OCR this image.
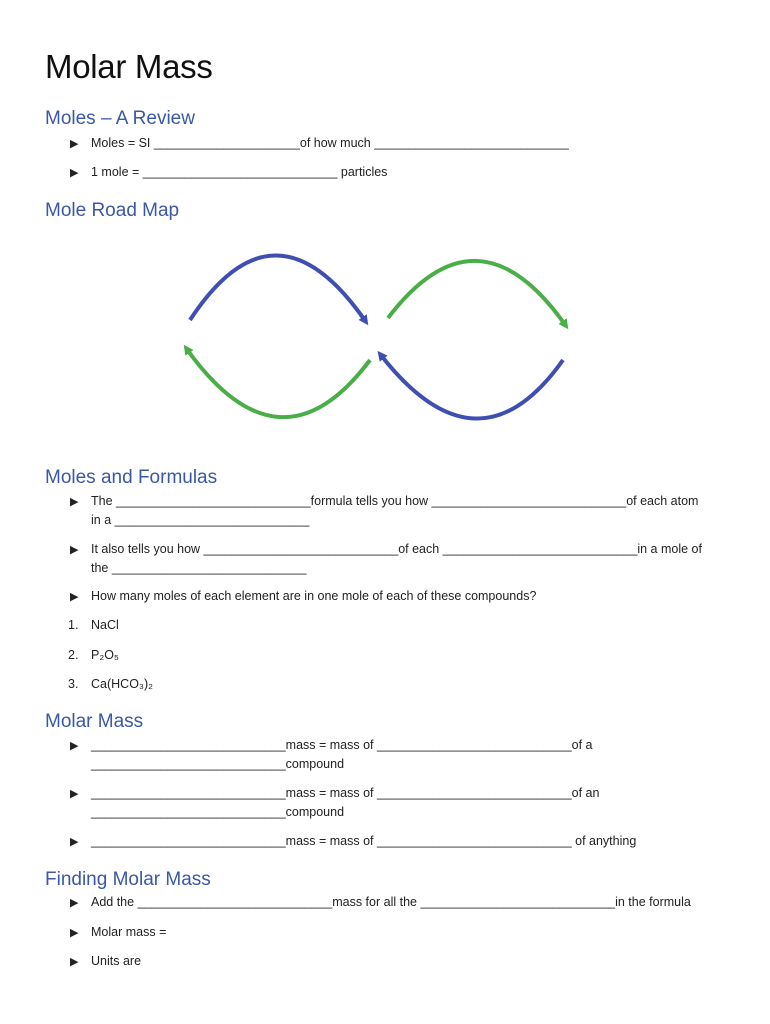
Molar Mass
Moles – A Review
▶ Moles = SI _____________________of how much ____________________________
▶ 1 mole = ____________________________ particles
Mole Road Map
Moles and Formulas
▶ The ____________________________formula tells you how ____________________________of each atom
in a ____________________________
▶ It also tells you how ____________________________of each ____________________________in a mole of
the ____________________________
▶ How many moles of each element are in one mole of each of these compounds?
1. NaCl
2. P₂O₅
3. Ca(HCO₃)₂
Molar Mass
▶ ____________________________mass = mass of ____________________________of a
____________________________compound
▶ ____________________________mass = mass of ____________________________of an
____________________________compound
▶ ____________________________mass = mass of ____________________________ of anything
Finding Molar Mass
▶ Add the ____________________________mass for all the ____________________________in the formula
▶ Molar mass =
▶ Units are
